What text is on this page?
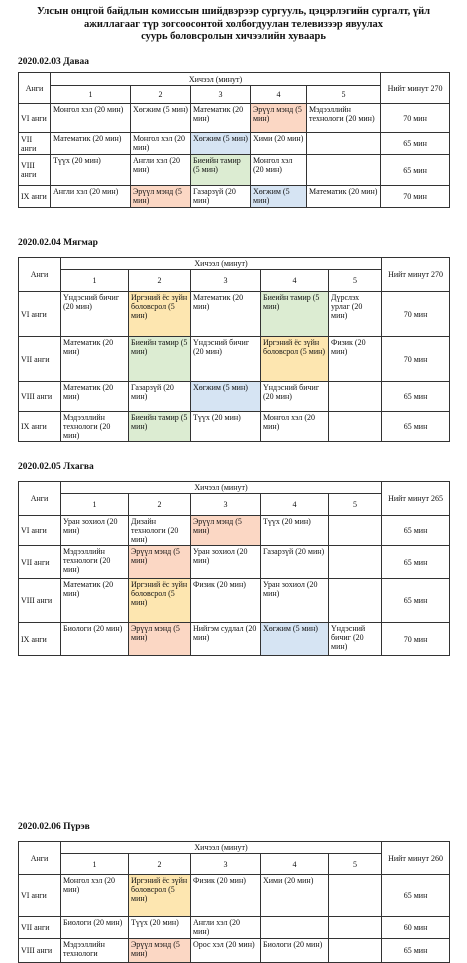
Улсын онцгой байдлын комиссын шийдвэрээр сургууль, цэцэрлэгийн сургалт, үйл
ажиллагааг түр зогсоосонтой холбогдуулан телевизээр явуулах
суурь боловсролын хичээлийн хуваарь
2020.02.03 Даваа
Анги	Хичээл (минут)					Нийт минут 270
	1	2	3	4	5	
VI анги	Монгол хэл (20 мин)	Хөгжим (5 мин)	Математик (20 мин)	Эрүүл мэнд (5 мин)	Мэдээллийн технологи (20 мин)	70 мин
VII анги	Математик (20 мин)	Монгол хэл (20 мин)	Хөгжим (5 мин)	Хими (20 мин)		65 мин
VIII анги	Түүх (20 мин)	Англи хэл (20 мин)	Биеийн тамир (5 мин)	Монгол хэл (20 мин)		65 мин
IX анги	Англи хэл (20 мин)	Эрүүл мэнд (5 мин)	Газарзүй (20 мин)	Хөгжим (5 мин)	Математик (20 мин)	70 мин
2020.02.04 Мягмар
Анги	Хичээл (минут)					Нийт минут 270
	1	2	3	4	5	
VI анги	Үндэсний бичиг (20 мин)	Иргэний ёс зүйн боловсрол (5 мин)	Математик (20 мин)	Биеийн тамир (5 мин)	Дүрслэх урлаг (20 мин)	70 мин
VII анги	Математик (20 мин)	Биеийн тамир (5 мин)	Үндэсний бичиг (20 мин)	Иргэний ёс зүйн боловсрол (5 мин)	Физик (20 мин)	70 мин
VIII анги	Математик (20 мин)	Газарзүй (20 мин)	Хөгжим (5 мин)	Үндэсний бичиг (20 мин)		65 мин
IX анги	Мэдээллийн технологи (20 мин)	Биеийн тамир (5 мин)	Түүх (20 мин)	Монгол хэл (20 мин)		65 мин
2020.02.05 Лхагва
Анги	Хичээл (минут)					Нийт минут 265
	1	2	3	4	5	
VI анги	Уран зохиол (20 мин)	Дизайн технологи (20 мин)	Эрүүл мэнд (5 мин)	Түүх (20 мин)		65 мин
VII анги	Мэдээллийн технологи (20 мин)	Эрүүл мэнд (5 мин)	Уран зохиол (20 мин)	Газарзүй (20 мин)		65 мин
VIII анги	Математик (20 мин)	Иргэний ёс зүйн боловсрол (5 мин)	Физик (20 мин)	Уран зохиол (20 мин)		65 мин
IX анги	Биологи (20 мин)	Эрүүл мэнд (5 мин)	Нийгэм судлал (20 мин)	Хөгжим (5 мин)	Үндэсний бичиг (20 мин)	70 мин
2020.02.06 Пүрэв
Анги	Хичээл (минут)					Нийт минут 260
	1	2	3	4	5	
VI анги	Монгол хэл (20 мин)	Иргэний ёс зүйн боловсрол (5 мин)	Физик (20 мин)	Хими (20 мин)		65 мин
VII анги	Биологи (20 мин)	Түүх (20 мин)	Англи хэл (20 мин)			60 мин
VIII анги	Мэдээллийн технологи	Эрүүл мэнд (5 мин)	Орос хэл (20 мин)	Биологи (20 мин)		65 мин
